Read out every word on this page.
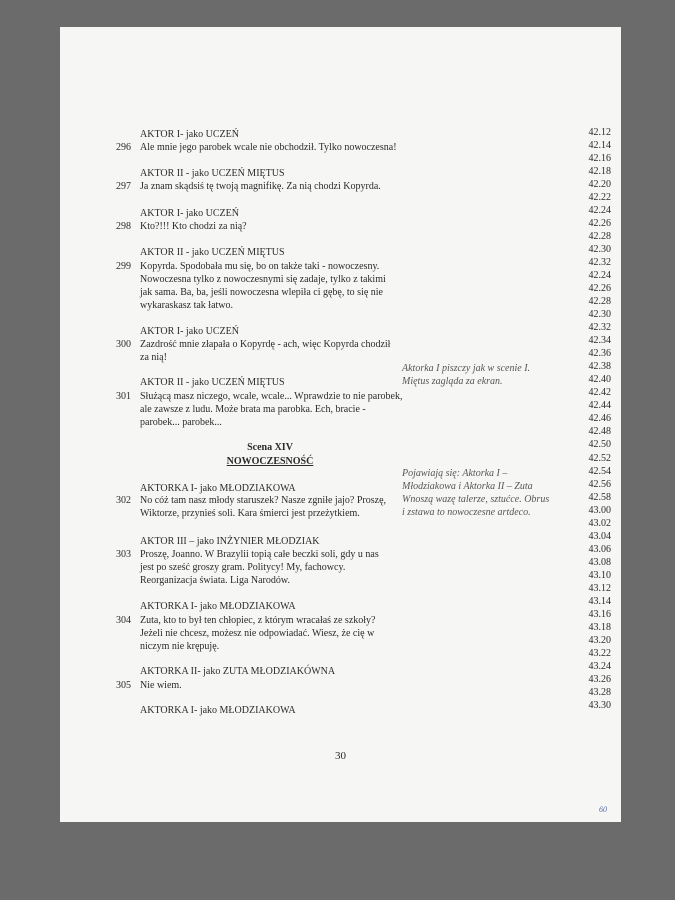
AKTOR I- jako UCZEŃ
296 Ale mnie jego parobek wcale nie obchodził. Tylko nowoczesna!
AKTOR II - jako UCZEŃ MIĘTUS
297 Ja znam skądsiś tę twoją magnifikę. Za nią chodzi Kopyrda.
AKTOR I- jako UCZEŃ
298 Kto?!!! Kto chodzi za nią?
AKTOR II - jako UCZEŃ MIĘTUS
299 Kopyrda. Spodobała mu się, bo on także taki - nowoczesny.
Nowoczesna tylko z nowoczesnymi się zadaje, tylko z takimi
jak sama. Ba, ba, jeśli nowoczesna wlepiła ci gębę, to się nie
wykaraskasz tak łatwo.
AKTOR I- jako UCZEŃ
300 Zazdrość mnie złapała o Kopyrdę - ach, więc Kopyrda chodził
za nią!
AKTOR II - jako UCZEŃ MIĘTUS
301 Służącą masz niczego, wcale, wcale... Wprawdzie to nie parobek,
ale zawsze z ludu. Może brata ma parobka. Ech, bracie -
parobek... parobek...
Scena XIV
NOWOCZESNOŚĆ
AKTORKA I- jako MŁODZIAKOWA
302 No cóż tam nasz młody staruszek? Nasze zgniłe jajo? Proszę,
Wiktorze, przynieś soli. Kara śmierci jest przeżytkiem.
AKTOR III – jako INŻYNIER MŁODZIAK
303 Proszę, Joanno. W Brazylii topią całe beczki soli, gdy u nas
jest po sześć groszy gram. Politycy! My, fachowcy.
Reorganizacja świata. Liga Narodów.
AKTORKA I- jako MŁODZIAKOWA
304 Zuta, kto to był ten chłopiec, z którym wracałaś ze szkoły?
Jeżeli nie chcesz, możesz nie odpowiadać. Wiesz, że cię w
niczym nie krępuję.
AKTORKA II- jako ZUTA MŁODZIAKÓWNA
305 Nie wiem.
AKTORKA I- jako MŁODZIAKOWA
Aktorka I piszczy jak w scenie I.
Miętus zagląda za ekran.
Pojawiają się: Aktorka I –
Młodziakowa i Aktorka II – Zuta
Wnoszą wazę talerze, sztućce. Obrus
i zstawa to nowoczesne artdeco.
42.12
42.14
42.16
42.18
42.20
42.22
42.24
42.26
42.28
42.30
42.32
42.24
42.26
42.28
42.30
42.32
42.34
42.36
42.38
42.40
42.42
42.44
42.46
42.48
42.50
42.52
42.54
42.56
42.58
43.00
43.02
43.04
43.06
43.08
43.10
43.12
43.14
43.16
43.18
43.20
43.22
43.24
43.26
43.28
43.30
30
60
